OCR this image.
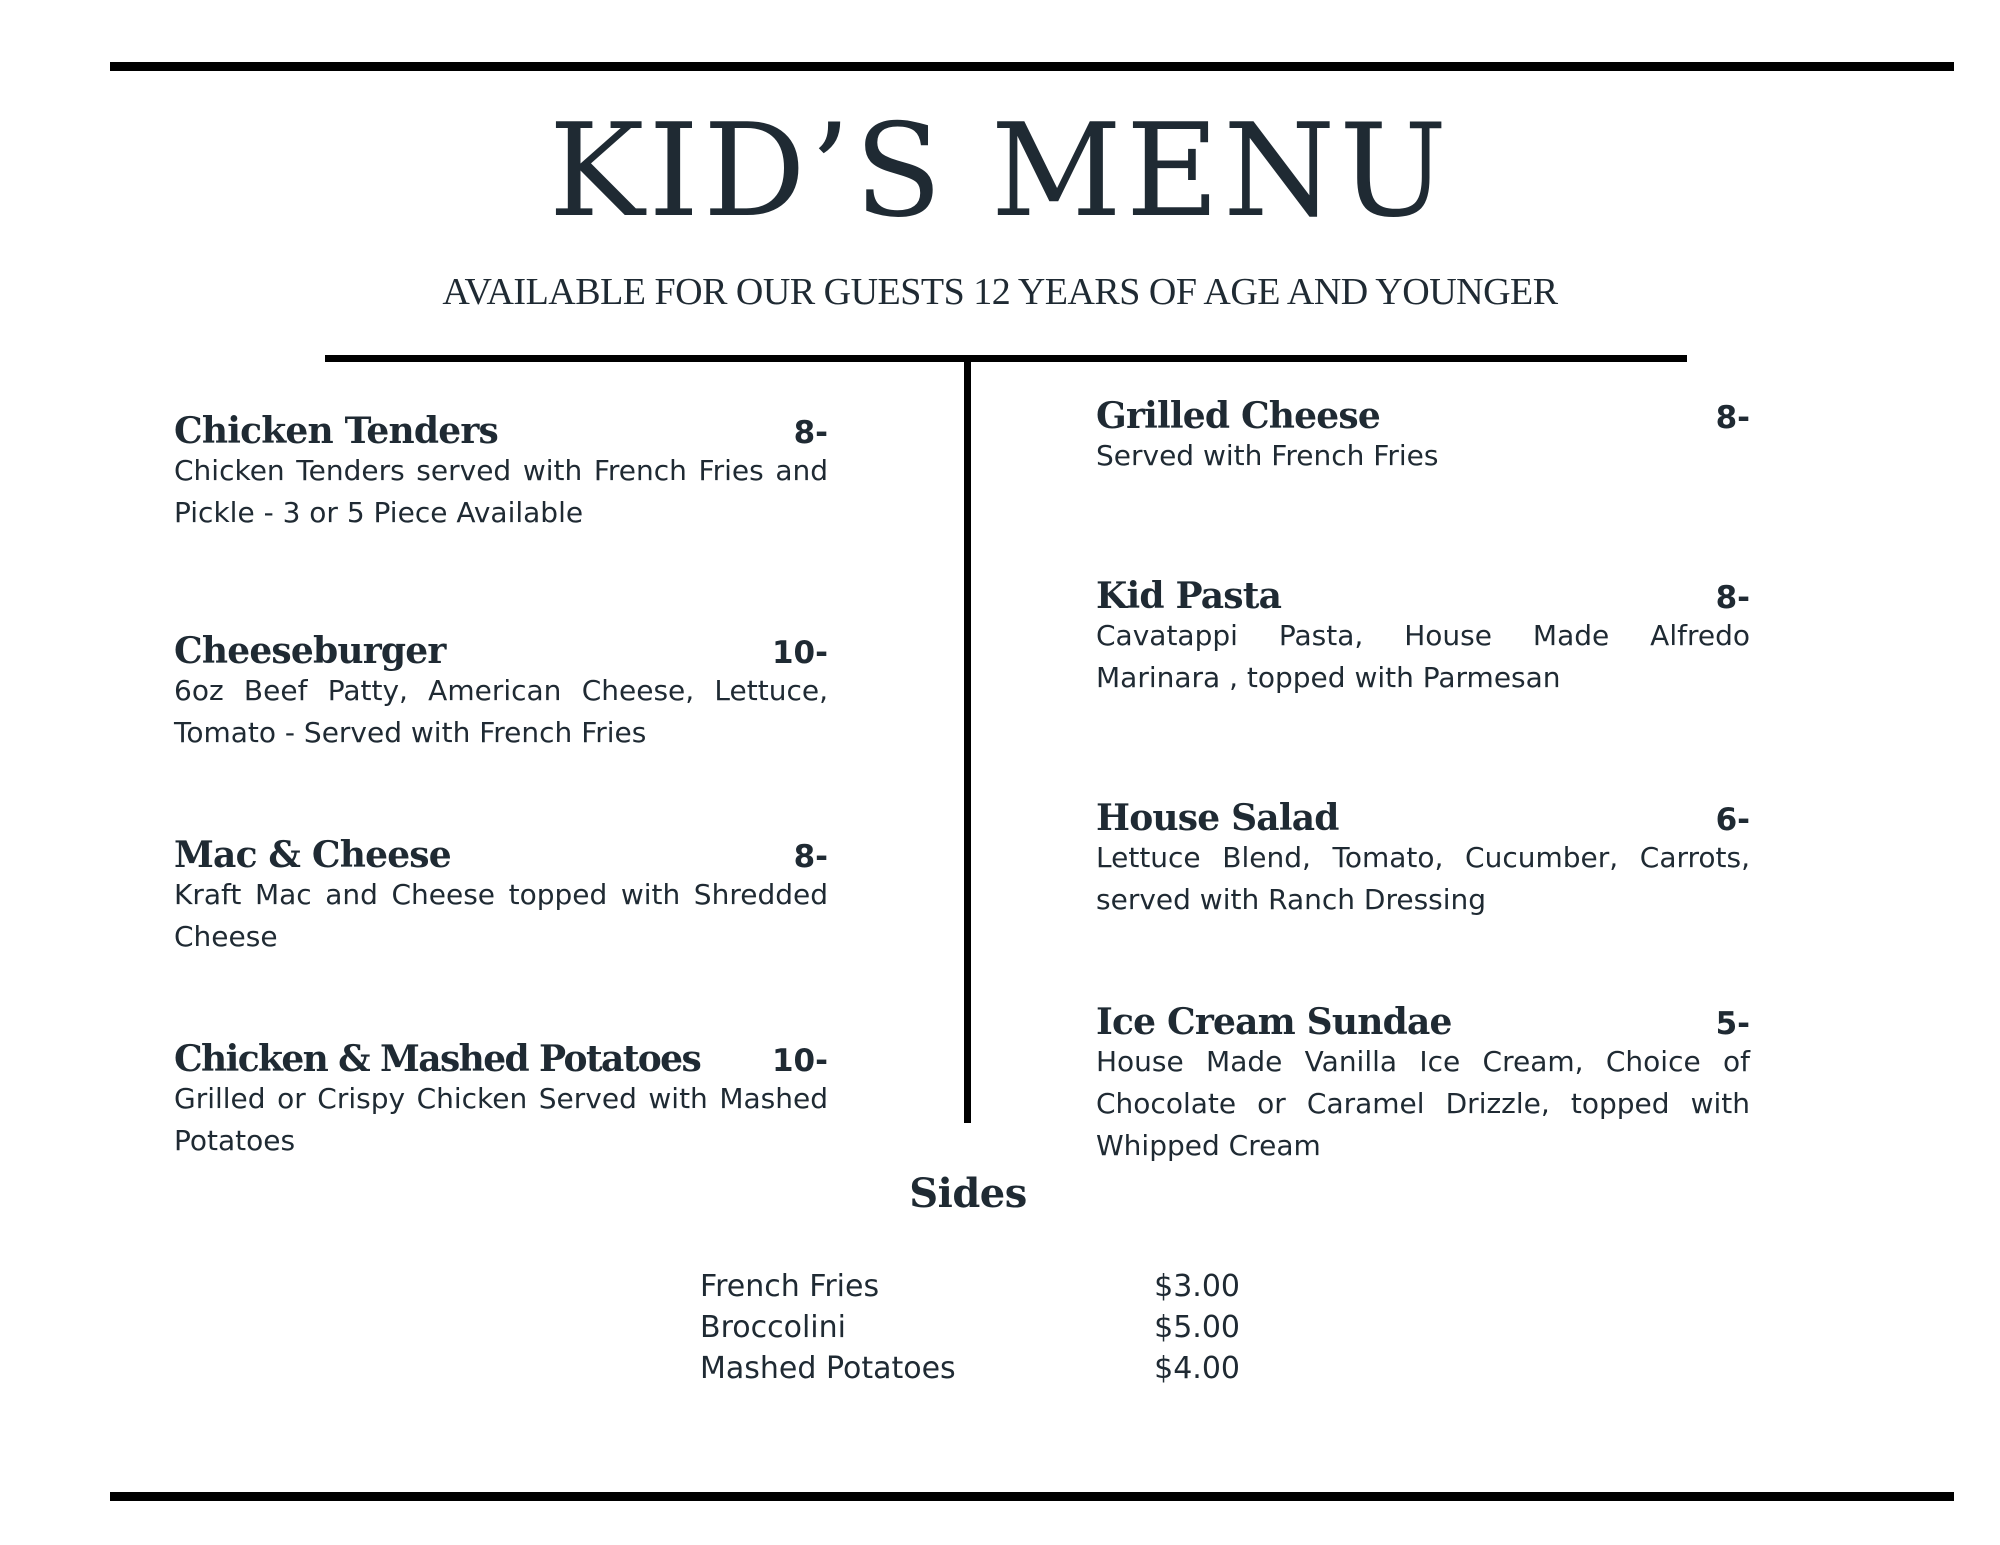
KID’S MENU

AVAILABLE FOR OUR GUESTS 12 YEARS OF AGE AND YOUNGER

Chicken Tenders	8-
Chicken Tenders served with French Fries and Pickle - 3 or 5 Piece Available
Cheeseburger	10-
6oz Beef Patty, American Cheese, Lettuce, Tomato - Served with French Fries
Mac & Cheese	8-
Kraft Mac and Cheese topped with Shredded Cheese
Chicken & Mashed Potatoes 10-
Grilled or Crispy Chicken Served with Mashed Potatoes
Grilled Cheese	8-
Served with French Fries
Kid Pasta	8-
Cavatappi Pasta, House Made Alfredo Marinara , topped with Parmesan
House Salad	6-
Lettuce Blend, Tomato, Cucumber, Carrots, served with Ranch Dressing
Ice Cream Sundae	5-
House Made Vanilla Ice Cream, Choice of Chocolate or Caramel Drizzle, topped with Whipped Cream
Sides
French Fries	$3.00
Broccolini	$5.00
Mashed Potatoes	$4.00
